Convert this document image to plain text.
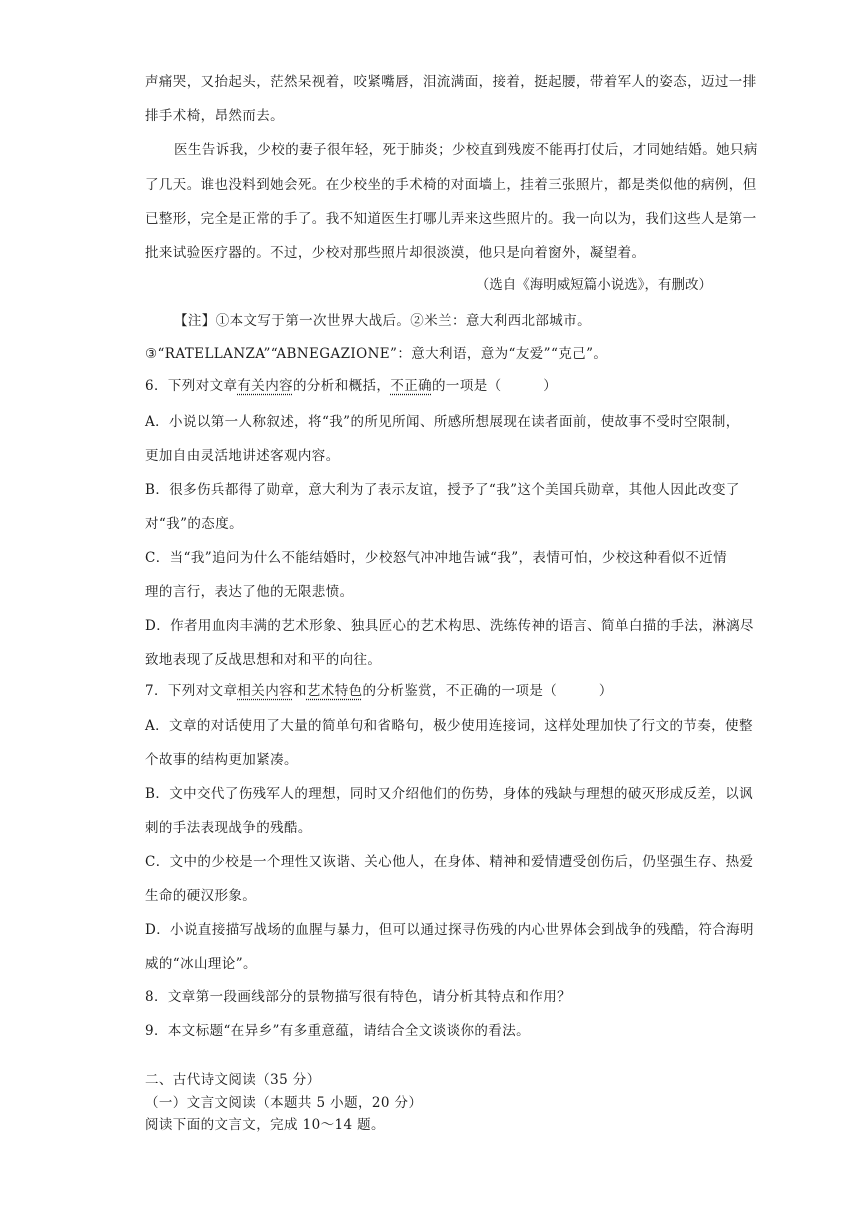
声痛哭，又抬起头，茫然呆视着，咬紧嘴唇，泪流满面，接着，挺起腰，带着军人的姿态，迈过一排
排手术椅，昂然而去。
医生告诉我，少校的妻子很年轻，死于肺炎；少校直到残废不能再打仗后，才同她结婚。她只病
了几天。谁也没料到她会死。在少校坐的手术椅的对面墙上，挂着三张照片，都是类似他的病例，但
已整形，完全是正常的手了。我不知道医生打哪儿弄来这些照片的。我一向以为，我们这些人是第一
批来试验医疗器的。不过，少校对那些照片却很淡漠，他只是向着窗外，凝望着。
（选自《海明威短篇小说选》，有删改）
【注】①本文写于第一次世界大战后。②米兰：意大利西北部城市。
③“RATELLANZA”“ABNEGAZIONE”：意大利语，意为“友爱”“克己”。
6．下列对文章有关内容的分析和概括，不正确的一项是（　　　）
A．小说以第一人称叙述，将“我”的所见所闻、所感所想展现在读者面前，使故事不受时空限制，
更加自由灵活地讲述客观内容。
B．很多伤兵都得了勋章，意大利为了表示友谊，授予了“我”这个美国兵勋章，其他人因此改变了
对“我”的态度。
C．当“我”追问为什么不能结婚时，少校怒气冲冲地告诫“我”，表情可怕，少校这种看似不近情
理的言行，表达了他的无限悲愤。
D．作者用血肉丰满的艺术形象、独具匠心的艺术构思、洗练传神的语言、简单白描的手法，淋漓尽
致地表现了反战思想和对和平的向往。
7．下列对文章相关内容和艺术特色的分析鉴赏，不正确的一项是（　　　）
A．文章的对话使用了大量的简单句和省略句，极少使用连接词，这样处理加快了行文的节奏，使整
个故事的结构更加紧凑。
B．文中交代了伤残军人的理想，同时又介绍他们的伤势，身体的残缺与理想的破灭形成反差，以讽
刺的手法表现战争的残酷。
C．文中的少校是一个理性又诙谐、关心他人，在身体、精神和爱情遭受创伤后，仍坚强生存、热爱
生命的硬汉形象。
D．小说直接描写战场的血腥与暴力，但可以通过探寻伤残的内心世界体会到战争的残酷，符合海明
威的“冰山理论”。
8．文章第一段画线部分的景物描写很有特色，请分析其特点和作用？
9．本文标题“在异乡”有多重意蕴，请结合全文谈谈你的看法。
二、古代诗文阅读（35 分）
（一）文言文阅读（本题共 5 小题，20 分）
阅读下面的文言文，完成 10～14 题。
